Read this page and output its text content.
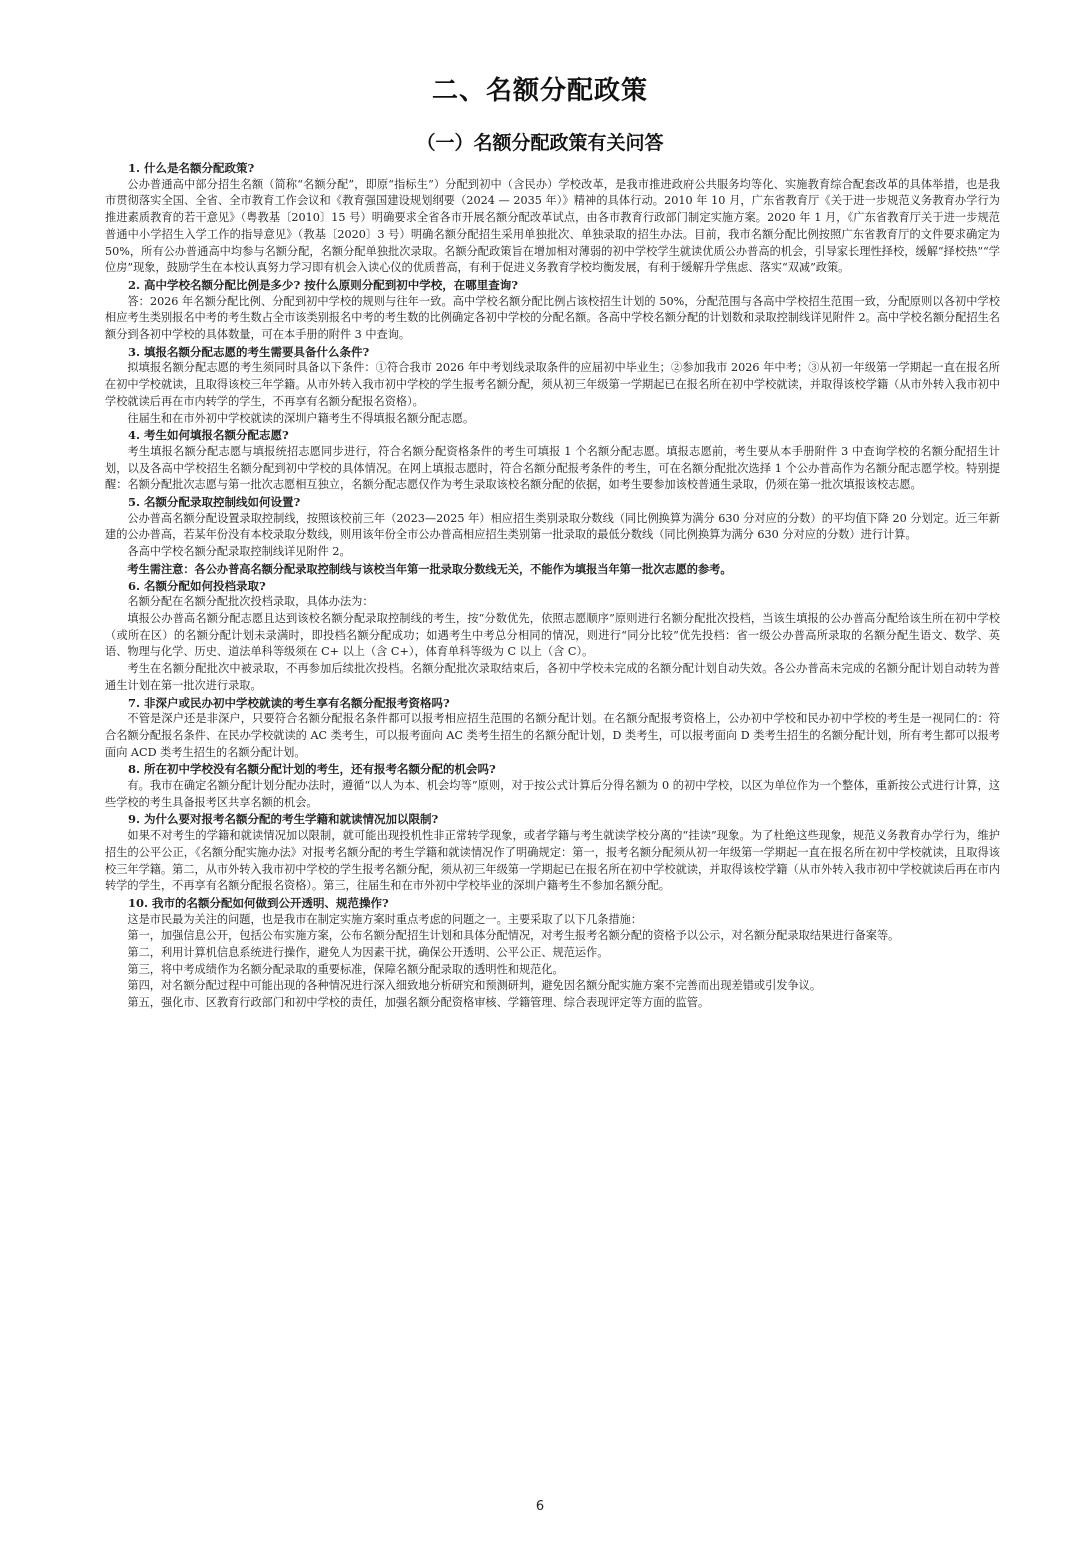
二、名额分配政策
（一）名额分配政策有关问答
1. 什么是名额分配政策?

公办普通高中部分招生名额（简称“名额分配”，即原“指标生”）分配到初中（含民办）学校改革，是我市推进政府公共服务均等化、实施教育综合配套改革的具体举措，也是我市贯彻落实全国、全省、全市教育工作会议和《教育强国建设规划纲要（2024 — 2035 年）》精神的具体行动。2010 年 10 月，广东省教育厅《关于进一步规范义务教育办学行为推进素质教育的若干意见》（粤教基〔2010〕15 号）明确要求全省各市开展名额分配改革试点，由各市教育行政部门制定实施方案。2020 年 1 月，《广东省教育厅关于进一步规范普通中小学招生入学工作的指导意见》（教基〔2020〕3 号）明确名额分配招生采用单独批次、单独录取的招生办法。目前，我市名额分配比例按照广东省教育厅的文件要求确定为 50%，所有公办普通高中均参与名额分配，名额分配单独批次录取。名额分配政策旨在增加相对薄弱的初中学校学生就读优质公办普高的机会，引导家长理性择校，缓解“择校热”“学位房”现象，鼓励学生在本校认真努力学习即有机会入读心仪的优质普高，有利于促进义务教育学校均衡发展，有利于缓解升学焦虑、落实“双减”政策。

2. 高中学校名额分配比例是多少? 按什么原则分配到初中学校，在哪里查询?

答：2026 年名额分配比例、分配到初中学校的规则与往年一致。高中学校名额分配比例占该校招生计划的 50%，分配范围与各高中学校招生范围一致，分配原则以各初中学校相应考生类别报名中考的考生数占全市该类别报名中考的考生数的比例确定各初中学校的分配名额。各高中学校名额分配的计划数和录取控制线详见附件 2。高中学校名额分配招生名额分到各初中学校的具体数量，可在本手册的附件 3 中查询。

3. 填报名额分配志愿的考生需要具备什么条件?

拟填报名额分配志愿的考生须同时具备以下条件：①符合我市 2026 年中考划线录取条件的应届初中毕业生；②参加我市 2026 年中考；③从初一年级第一学期起一直在报名所在初中学校就读，且取得该校三年学籍。从市外转入我市初中学校的学生报考名额分配，须从初三年级第一学期起已在报名所在初中学校就读，并取得该校学籍（从市外转入我市初中学校就读后再在市内转学的学生，不再享有名额分配报名资格）。

往届生和在市外初中学校就读的深圳户籍考生不得填报名额分配志愿。

4. 考生如何填报名额分配志愿?

考生填报名额分配志愿与填报统招志愿同步进行，符合名额分配资格条件的考生可填报 1 个名额分配志愿。填报志愿前，考生要从本手册附件 3 中查询学校的名额分配招生计划，以及各高中学校招生名额分配到初中学校的具体情况。在网上填报志愿时，符合名额分配报考条件的考生，可在名额分配批次选择 1 个公办普高作为名额分配志愿学校。特别提醒：名额分配批次志愿与第一批次志愿相互独立，名额分配志愿仅作为考生录取该校名额分配的依据，如考生要参加该校普通生录取，仍须在第一批次填报该校志愿。

5. 名额分配录取控制线如何设置?

公办普高名额分配设置录取控制线，按照该校前三年（2023—2025 年）相应招生类别录取分数线（同比例换算为满分 630 分对应的分数）的平均值下降 20 分划定。近三年新建的公办普高，若某年份没有本校录取分数线，则用该年份全市公办普高相应招生类别第一批录取的最低分数线（同比例换算为满分 630 分对应的分数）进行计算。

各高中学校名额分配录取控制线详见附件 2。

考生需注意：各公办普高名额分配录取控制线与该校当年第一批录取分数线无关，不能作为填报当年第一批次志愿的参考。

6. 名额分配如何投档录取?

名额分配在名额分配批次投档录取，具体办法为：

填报公办普高名额分配志愿且达到该校名额分配录取控制线的考生，按“分数优先，依照志愿顺序”原则进行名额分配批次投档，当该生填报的公办普高分配给该生所在初中学校（或所在区）的名额分配计划未录满时，即投档名额分配成功；如遇考生中考总分相同的情况，则进行“同分比较”优先投档：省一级公办普高所录取的名额分配生语文、数学、英语、物理与化学、历史、道法单科等级须在 C+ 以上（含 C+），体育单科等级为 C 以上（含 C）。

考生在名额分配批次中被录取，不再参加后续批次投档。名额分配批次录取结束后，各初中学校未完成的名额分配计划自动失效。各公办普高未完成的名额分配计划自动转为普通生计划在第一批次进行录取。

7. 非深户或民办初中学校就读的考生享有名额分配报考资格吗?

不管是深户还是非深户，只要符合名额分配报名条件都可以报考相应招生范围的名额分配计划。在名额分配报考资格上，公办初中学校和民办初中学校的考生是一视同仁的：符合名额分配报名条件、在民办学校就读的 AC 类考生，可以报考面向 AC 类考生招生的名额分配计划，D 类考生，可以报考面向 D 类考生招生的名额分配计划，所有考生都可以报考面向 ACD 类考生招生的名额分配计划。

8. 所在初中学校没有名额分配计划的考生，还有报考名额分配的机会吗?

有。我市在确定名额分配计划分配办法时，遵循“以人为本、机会均等”原则，对于按公式计算后分得名额为 0 的初中学校，以区为单位作为一个整体，重新按公式进行计算，这些学校的考生具备报考区共享名额的机会。

9. 为什么要对报考名额分配的考生学籍和就读情况加以限制?

如果不对考生的学籍和就读情况加以限制，就可能出现投机性非正常转学现象，或者学籍与考生就读学校分离的“挂读”现象。为了杜绝这些现象，规范义务教育办学行为，维护招生的公平公正，《名额分配实施办法》对报考名额分配的考生学籍和就读情况作了明确规定：第一，报考名额分配须从初一年级第一学期起一直在报名所在初中学校就读，且取得该校三年学籍。第二，从市外转入我市初中学校的学生报考名额分配，须从初三年级第一学期起已在报名所在初中学校就读，并取得该校学籍（从市外转入我市初中学校就读后再在市内转学的学生，不再享有名额分配报名资格）。第三，往届生和在市外初中学校毕业的深圳户籍考生不参加名额分配。

10. 我市的名额分配如何做到公开透明、规范操作?

这是市民最为关注的问题，也是我市在制定实施方案时重点考虑的问题之一。主要采取了以下几条措施：

第一，加强信息公开，包括公布实施方案，公布名额分配招生计划和具体分配情况，对考生报考名额分配的资格予以公示，对名额分配录取结果进行备案等。

第二，利用计算机信息系统进行操作，避免人为因素干扰，确保公开透明、公平公正、规范运作。

第三，将中考成绩作为名额分配录取的重要标准，保障名额分配录取的透明性和规范化。

第四，对名额分配过程中可能出现的各种情况进行深入细致地分析研究和预测研判，避免因名额分配实施方案不完善而出现差错或引发争议。

第五，强化市、区教育行政部门和初中学校的责任，加强名额分配资格审核、学籍管理、综合表现评定等方面的监管。

6
